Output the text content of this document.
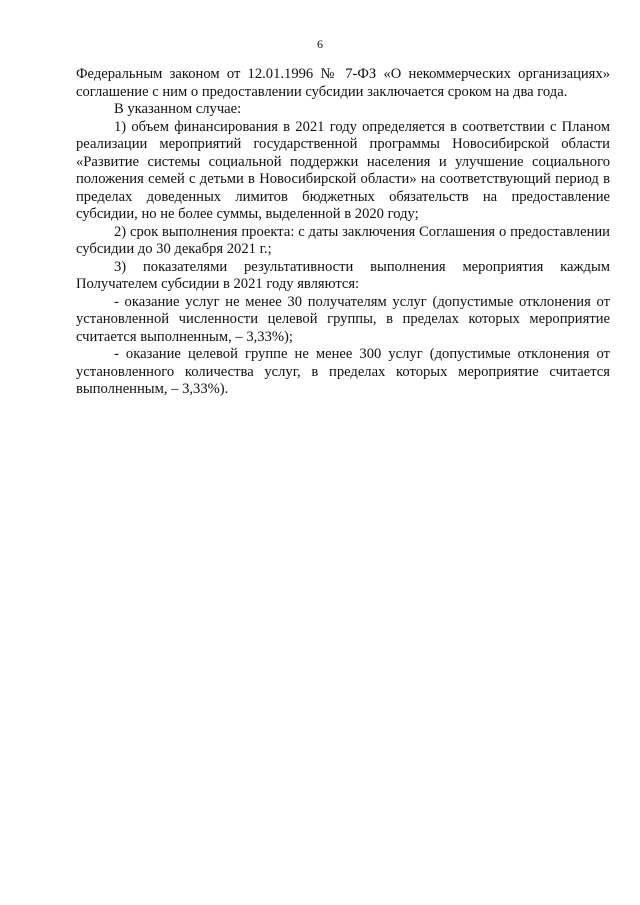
6

Федеральным законом от 12.01.1996 № 7-ФЗ «О некоммерческих организациях» соглашение с ним о предоставлении субсидии заключается сроком на два года.

В указанном случае:

1) объем финансирования в 2021 году определяется в соответствии с Планом реализации мероприятий государственной программы Новосибирской области «Развитие системы социальной поддержки населения и улучшение социального положения семей с детьми в Новосибирской области» на соответствующий период в пределах доведенных лимитов бюджетных обязательств на предоставление субсидии, но не более суммы, выделенной в 2020 году;

2) срок выполнения проекта: с даты заключения Соглашения о предоставлении субсидии до 30 декабря 2021 г.;

3) показателями результативности выполнения мероприятия каждым Получателем субсидии в 2021 году являются:

- оказание услуг не менее 30 получателям услуг (допустимые отклонения от установленной численности целевой группы, в пределах которых мероприятие считается выполненным, – 3,33%);

- оказание целевой группе не менее 300 услуг (допустимые отклонения от установленного количества услуг, в пределах которых мероприятие считается выполненным, – 3,33%).
